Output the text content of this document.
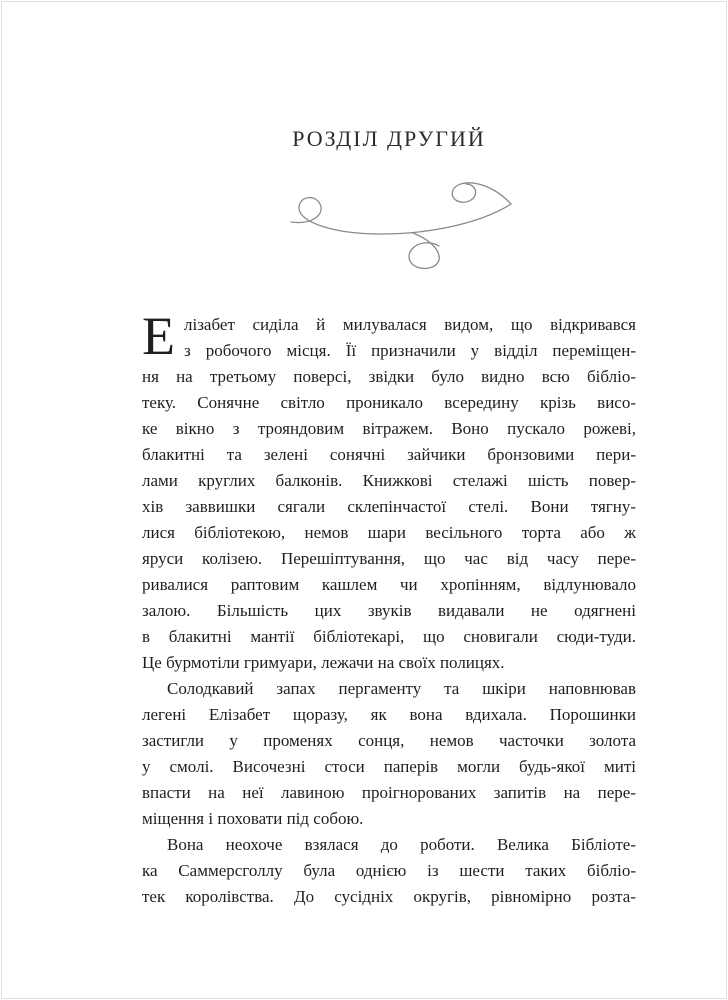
РОЗДІЛ ДРУГИЙ
Е лізабет сиділа й милувалася видом, що відкривався
з робочого місця. Її призначили у відділ переміщен-
ня на третьому поверсі, звідки було видно всю бібліо-
теку. Сонячне світло проникало всередину крізь висо-
ке вікно з трояндовим вітражем. Воно пускало рожеві,
блакитні та зелені сонячні зайчики бронзовими пери-
лами круглих балконів. Книжкові стелажі шість повер-
хів заввишки сягали склепінчастої стелі. Вони тягну-
лися бібліотекою, немов шари весільного торта або ж
яруси колізею. Перешіптування, що час від часу пере-
ривалися раптовим кашлем чи хропінням, відлунювало
залою. Більшість цих звуків видавали не одягнені
в блакитні мантії бібліотекарі, що сновигали сюди-туди.
Це бурмотіли гримуари, лежачи на своїх полицях.
Солодкавий запах пергаменту та шкіри наповнював
легені Елізабет щоразу, як вона вдихала. Порошинки
застигли у променях сонця, немов часточки золота
у смолі. Височезні стоси паперів могли будь-якої миті
впасти на неї лавиною проігнорованих запитів на пере-
міщення і поховати під собою.
Вона неохоче взялася до роботи. Велика Бібліоте-
ка Саммерсголлу була однією із шести таких бібліо-
тек королівства. До сусідніх округів, рівномірно розта-
